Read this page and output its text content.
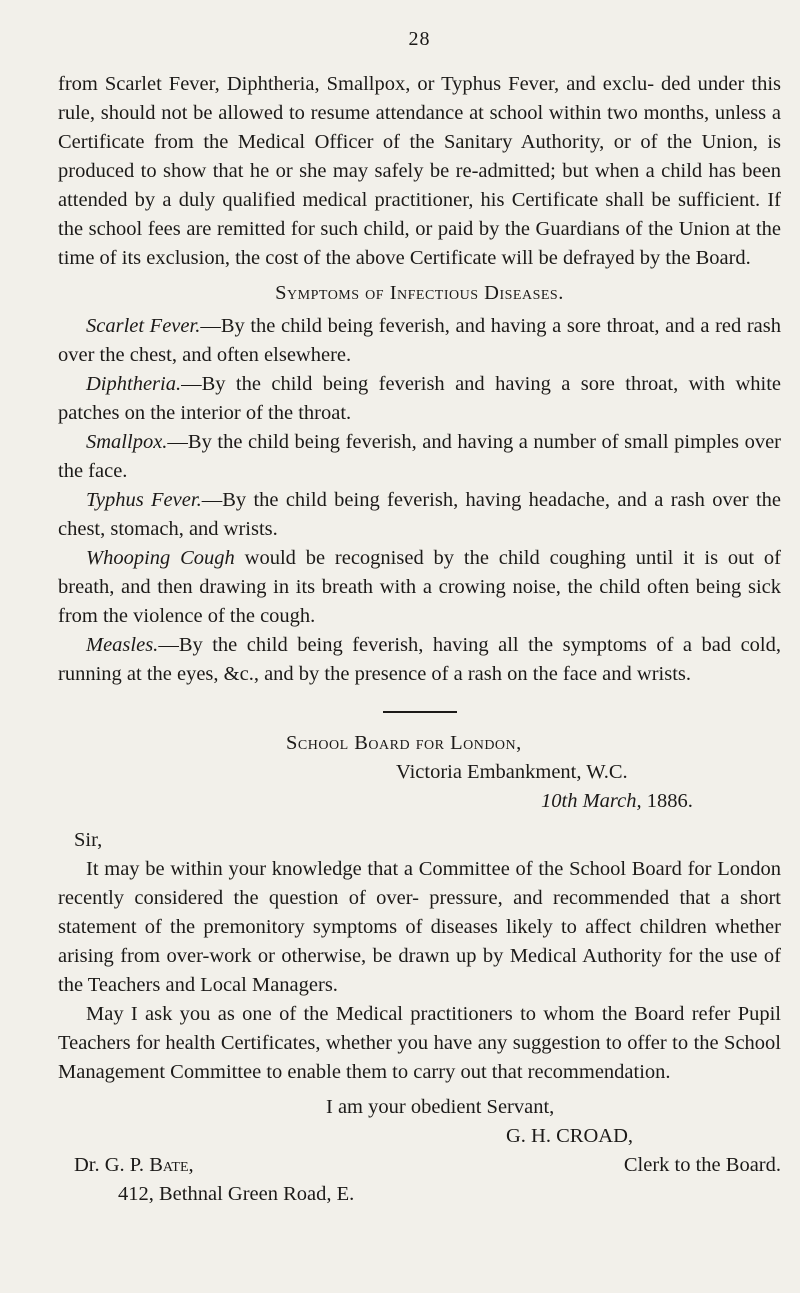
28

from Scarlet Fever, Diphtheria, Smallpox, or Typhus Fever, and exclu- ded under this rule, should not be allowed to resume attendance at school within two months, unless a Certificate from the Medical Officer of the Sanitary Authority, or of the Union, is produced to show that he or she may safely be re-admitted; but when a child has been attended by a duly qualified medical practitioner, his Certificate shall be sufficient. If the school fees are remitted for such child, or paid by the Guardians of the Union at the time of its exclusion, the cost of the above Certificate will be defrayed by the Board.

Symptoms of Infectious Diseases.

Scarlet Fever.—By the child being feverish, and having a sore throat, and a red rash over the chest, and often elsewhere.

Diphtheria.—By the child being feverish and having a sore throat, with white patches on the interior of the throat.

Smallpox.—By the child being feverish, and having a number of small pimples over the face.

Typhus Fever.—By the child being feverish, having headache, and a rash over the chest, stomach, and wrists.

Whooping Cough would be recognised by the child coughing until it is out of breath, and then drawing in its breath with a crowing noise, the child often being sick from the violence of the cough.

Measles.—By the child being feverish, having all the symptoms of a bad cold, running at the eyes, &c., and by the presence of a rash on the face and wrists.

School Board for London,
Victoria Embankment, W.C.
10th March, 1886.
Sir,

It may be within your knowledge that a Committee of the School Board for London recently considered the question of over- pressure, and recommended that a short statement of the premonitory symptoms of diseases likely to affect children whether arising from over-work or otherwise, be drawn up by Medical Authority for the use of the Teachers and Local Managers.

May I ask you as one of the Medical practitioners to whom the Board refer Pupil Teachers for health Certificates, whether you have any suggestion to offer to the School Management Committee to enable them to carry out that recommendation.

I am your obedient Servant,
G. H. CROAD,
Dr. G. P. Bate,	Clerk to the Board.
412, Bethnal Green Road, E.
